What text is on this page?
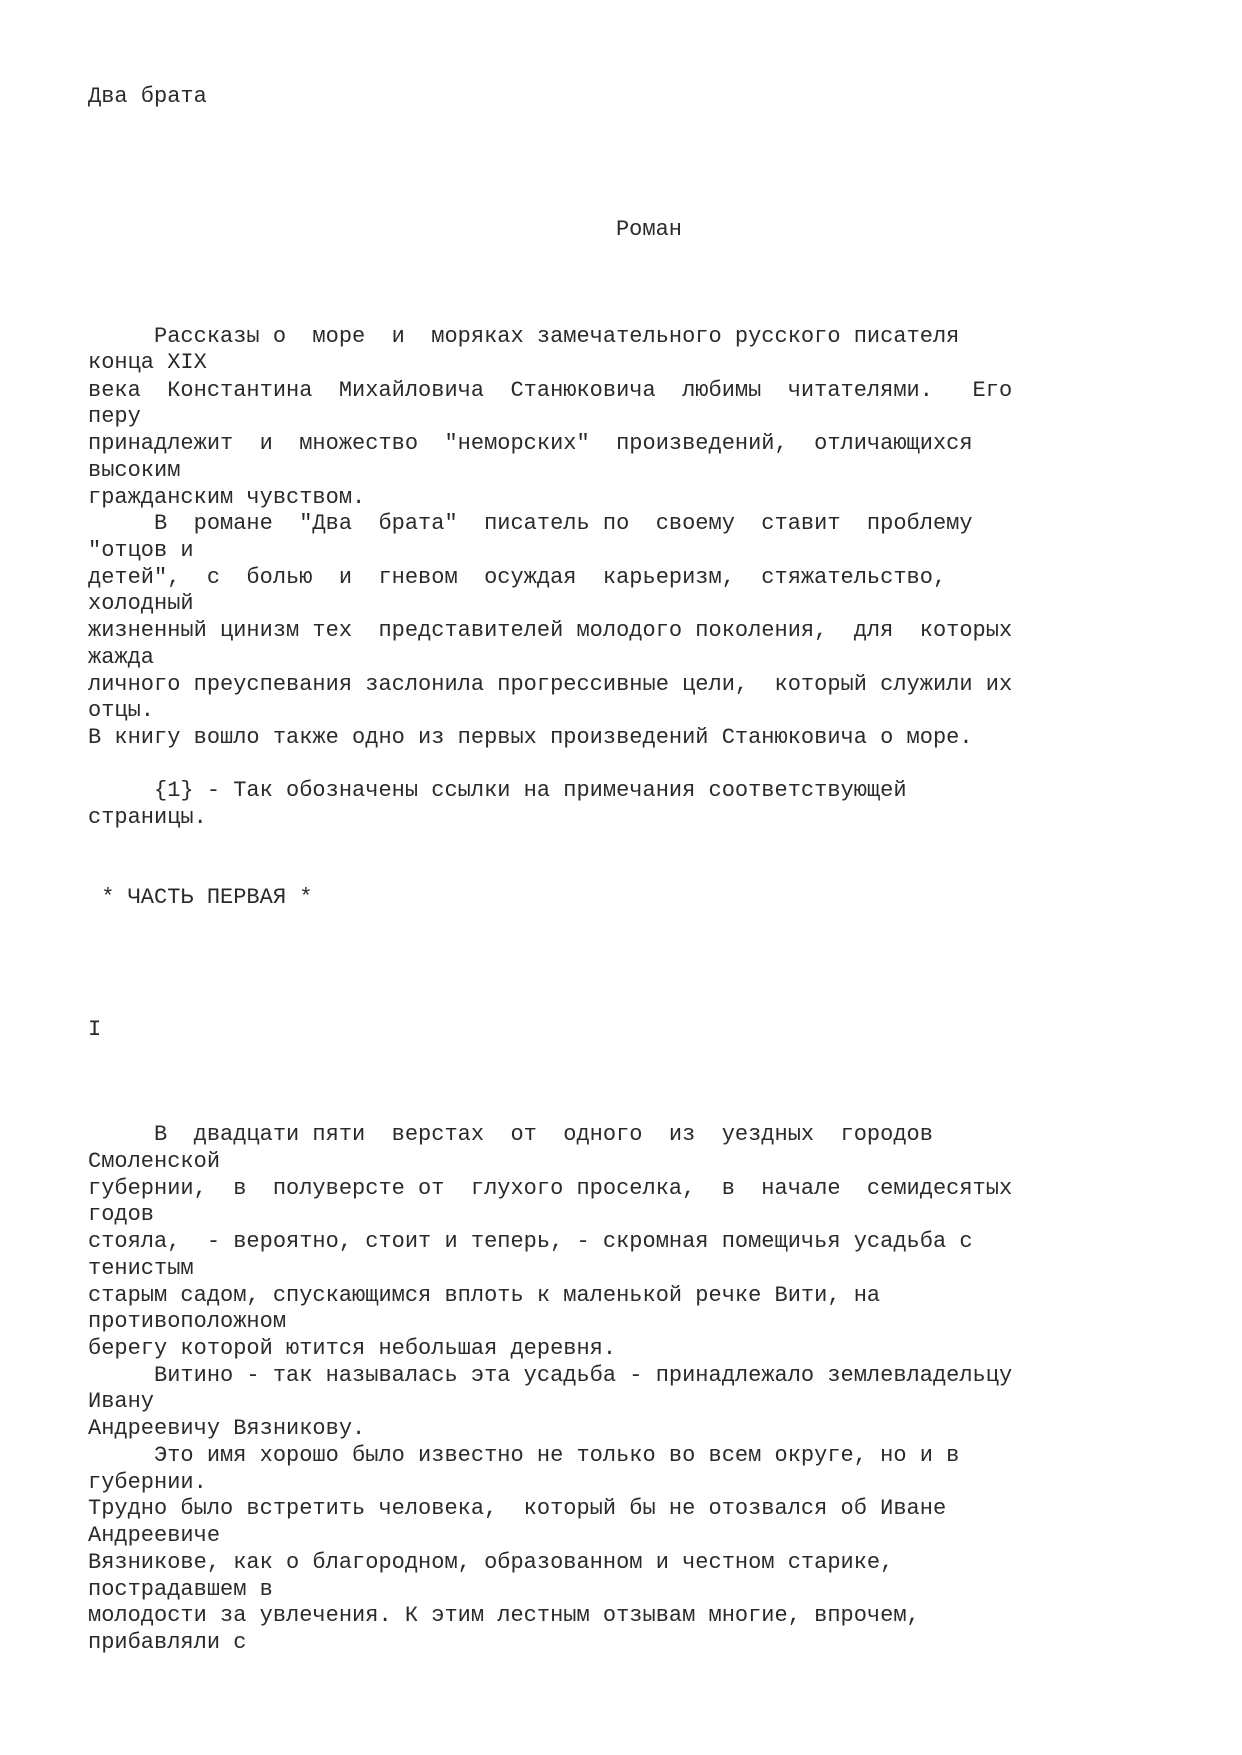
Два брата
Роман
Рассказы о  море  и  моряках замечательного русского писателя
конца XIX
века  Константина  Михайловича  Станюковича  любимы  читателями.   Его
перу
принадлежит  и  множество  "неморских"  произведений,  отличающихся
высоким
гражданским чувством.
В  романе  "Два  брата"  писатель по  своему  ставит  проблему
"отцов и
детей",  с  болью  и  гневом  осуждая  карьеризм,  стяжательство,
холодный
жизненный цинизм тех  представителей молодого поколения,  для  которых
жажда
личного преуспевания заслонила прогрессивные цели,  который служили их
отцы.
В книгу вошло также одно из первых произведений Станюковича о море.
{1} - Так обозначены ссылки на примечания соответствующей
страницы.
* ЧАСТЬ ПЕРВАЯ *
I
В  двадцати пяти  верстах  от  одного  из  уездных  городов
Смоленской
губернии,  в  полуверсте от  глухого проселка,  в  начале  семидесятых
годов
стояла,  - вероятно, стоит и теперь, - скромная помещичья усадьба с
тенистым
старым садом, спускающимся вплоть к маленькой речке Вити, на
противоположном
берегу которой ютится небольшая деревня.
Витино - так называлась эта усадьба - принадлежало землевладельцу
Ивану
Андреевичу Вязникову.
Это имя хорошо было известно не только во всем округе, но и в
губернии.
Трудно было встретить человека,  который бы не отозвался об Иване
Андреевиче
Вязникове, как о благородном, образованном и честном старике,
пострадавшем в
молодости за увлечения. К этим лестным отзывам многие, впрочем,
прибавляли с
